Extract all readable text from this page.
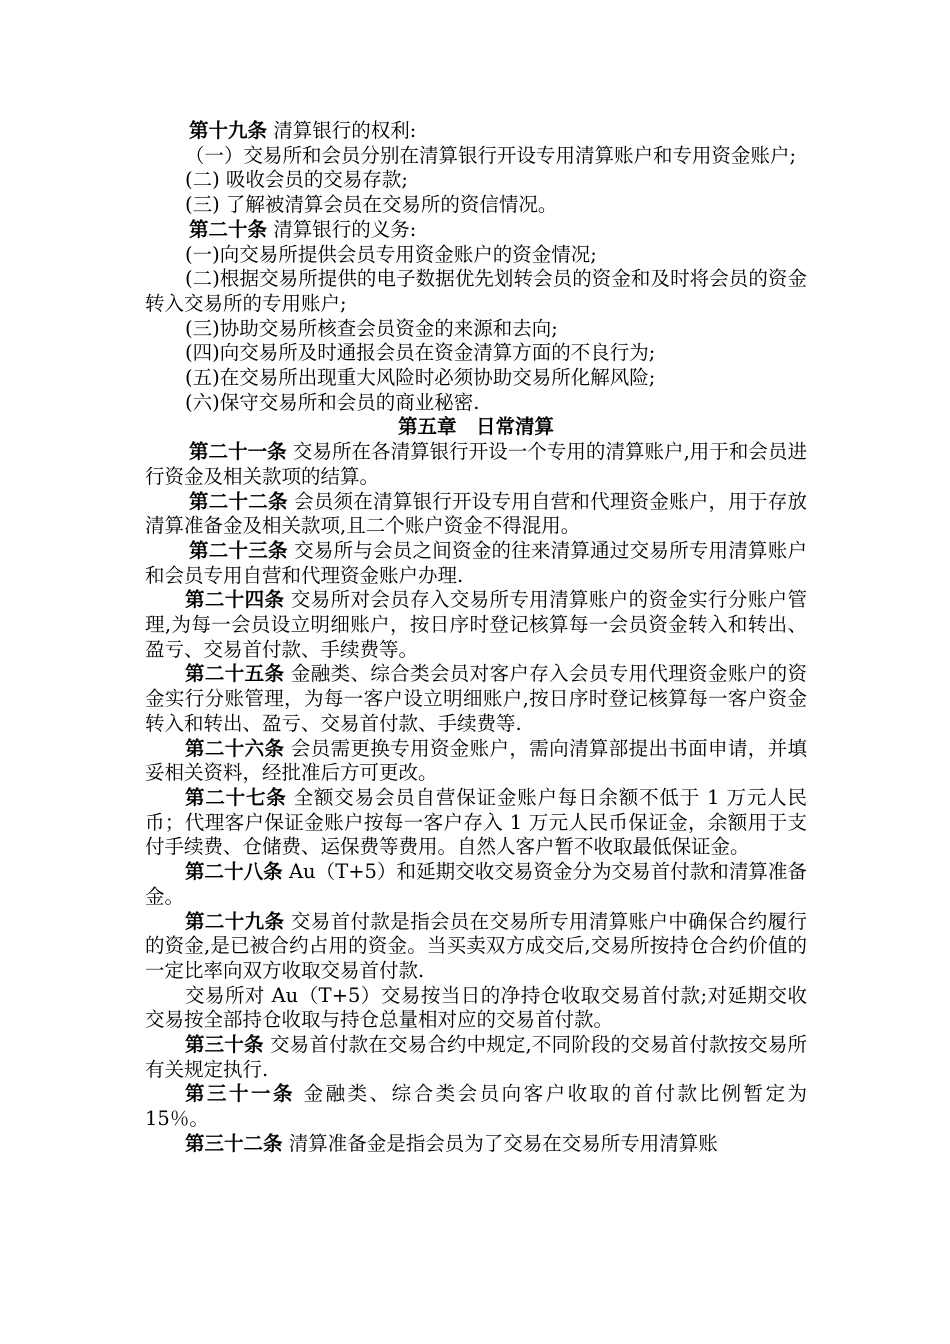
第十九条 清算银行的权利:

（一）交易所和会员分别在清算银行开设专用清算账户和专用资金账户;

(二) 吸收会员的交易存款;

(三) 了解被清算会员在交易所的资信情况。

第二十条 清算银行的义务:

(一)向交易所提供会员专用资金账户的资金情况;

(二)根据交易所提供的电子数据优先划转会员的资金和及时将会员的资金转入交易所的专用账户;

(三)协助交易所核查会员资金的来源和去向;

(四)向交易所及时通报会员在资金清算方面的不良行为;

(五)在交易所出现重大风险时必须协助交易所化解风险;

(六)保守交易所和会员的商业秘密.

第五章　日常清算

第二十一条 交易所在各清算银行开设一个专用的清算账户,用于和会员进行资金及相关款项的结算。

第二十二条 会员须在清算银行开设专用自营和代理资金账户，用于存放清算准备金及相关款项,且二个账户资金不得混用。

第二十三条 交易所与会员之间资金的往来清算通过交易所专用清算账户和会员专用自营和代理资金账户办理.

第二十四条 交易所对会员存入交易所专用清算账户的资金实行分账户管理,为每一会员设立明细账户，按日序时登记核算每一会员资金转入和转出、盈亏、交易首付款、手续费等。

第二十五条 金融类、综合类会员对客户存入会员专用代理资金账户的资金实行分账管理，为每一客户设立明细账户,按日序时登记核算每一客户资金转入和转出、盈亏、交易首付款、手续费等.

第二十六条 会员需更换专用资金账户，需向清算部提出书面申请，并填妥相关资料，经批准后方可更改。

第二十七条 全额交易会员自营保证金账户每日余额不低于 1 万元人民币；代理客户保证金账户按每一客户存入 1 万元人民币保证金，余额用于支付手续费、仓储费、运保费等费用。自然人客户暂不收取最低保证金。

第二十八条 Au（T+5）和延期交收交易资金分为交易首付款和清算准备金。

第二十九条 交易首付款是指会员在交易所专用清算账户中确保合约履行的资金,是已被合约占用的资金。当买卖双方成交后,交易所按持仓合约价值的一定比率向双方收取交易首付款.

交易所对 Au（T+5）交易按当日的净持仓收取交易首付款;对延期交收交易按全部持仓收取与持仓总量相对应的交易首付款。

第三十条 交易首付款在交易合约中规定,不同阶段的交易首付款按交易所有关规定执行.

第三十一条 金融类、综合类会员向客户收取的首付款比例暂定为 15％。

第三十二条 清算准备金是指会员为了交易在交易所专用清算账
